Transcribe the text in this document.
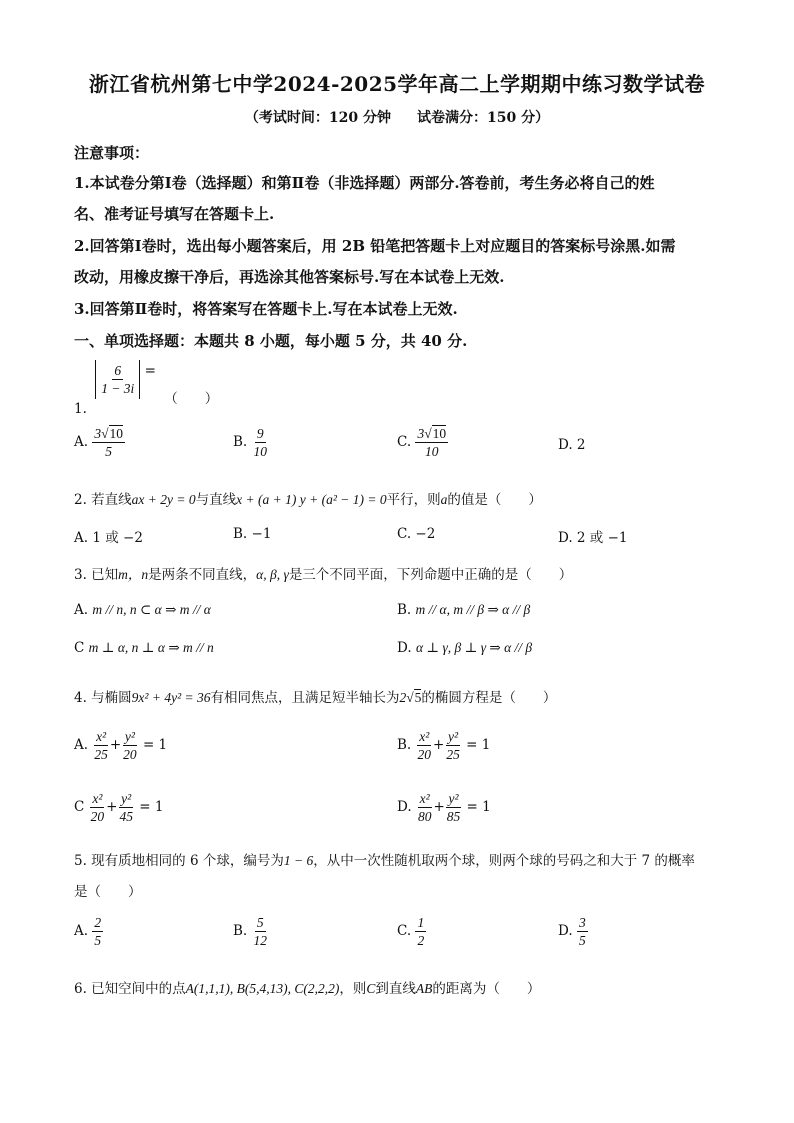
浙江省杭州第七中学2024-2025学年高二上学期期中练习数学试卷
（考试时间：120 分钟 试卷满分：150 分）
注意事项：
1.本试卷分第Ⅰ卷（选择题）和第Ⅱ卷（非选择题）两部分.答卷前，考生务必将自己的姓
名、准考证号填写在答题卡上.
2.回答第Ⅰ卷时，选出每小题答案后，用 2B 铅笔把答题卡上对应题目的答案标号涂黑.如需
改动，用橡皮擦干净后，再选涂其他答案标号.写在本试卷上无效.
3.回答第Ⅱ卷时，将答案写在答题卡上.写在本试卷上无效.
一、单项选择题：本题共 8 小题，每小题 5 分，共 40 分.
1.
$\frac{6}{1 - 3i}$ = （　　）
A. $\frac{3√10}{5}$	B. $\frac{9}{10}$	C. $\frac{3√10}{10}$	D. 2
2. 若直线ax + 2y = 0与直线x + (a + 1) y + (a² − 1) = 0平行，则a的值是（　　）
A. 1 或 −2	B. −1	C. −2	D. 2 或 −1
3. 已知m，n是两条不同直线，α, β, γ是三个不同平面，下列命题中正确的是（　　）
A. m // n, n ⊂ α ⇒ m // α	B. m // α, m // β ⇒ α // β
C m ⊥ α, n ⊥ α ⇒ m // n	D. α ⊥ γ, β ⊥ γ ⇒ α // β
4. 与椭圆9x² + 4y² = 36有相同焦点，且满足短半轴长为2√5的椭圆方程是（　　）
A. $\frac{\text{x²}}{25} + \frac{\text{y²}}{20} = 1$	B. $\frac{\text{x²}}{20} + \frac{\text{y²}}{25} = 1$
C $\frac{\text{x²}}{20} + \frac{\text{y²}}{45} = 1$	D. $\frac{\text{x²}}{80} + \frac{\text{y²}}{85} = 1$
5. 现有质地相同的 6 个球，编号为1 − 6，从中一次性随机取两个球，则两个球的号码之和大于 7 的概率
是（　　）
A. $\frac{2}{5}$	B. $\frac{5}{12}$	C. $\frac{1}{2}$	D. $\frac{3}{5}$
6. 已知空间中的点A(1,1,1), B(5,4,13), C(2,2,2)，则C到直线AB的距离为（　　）
